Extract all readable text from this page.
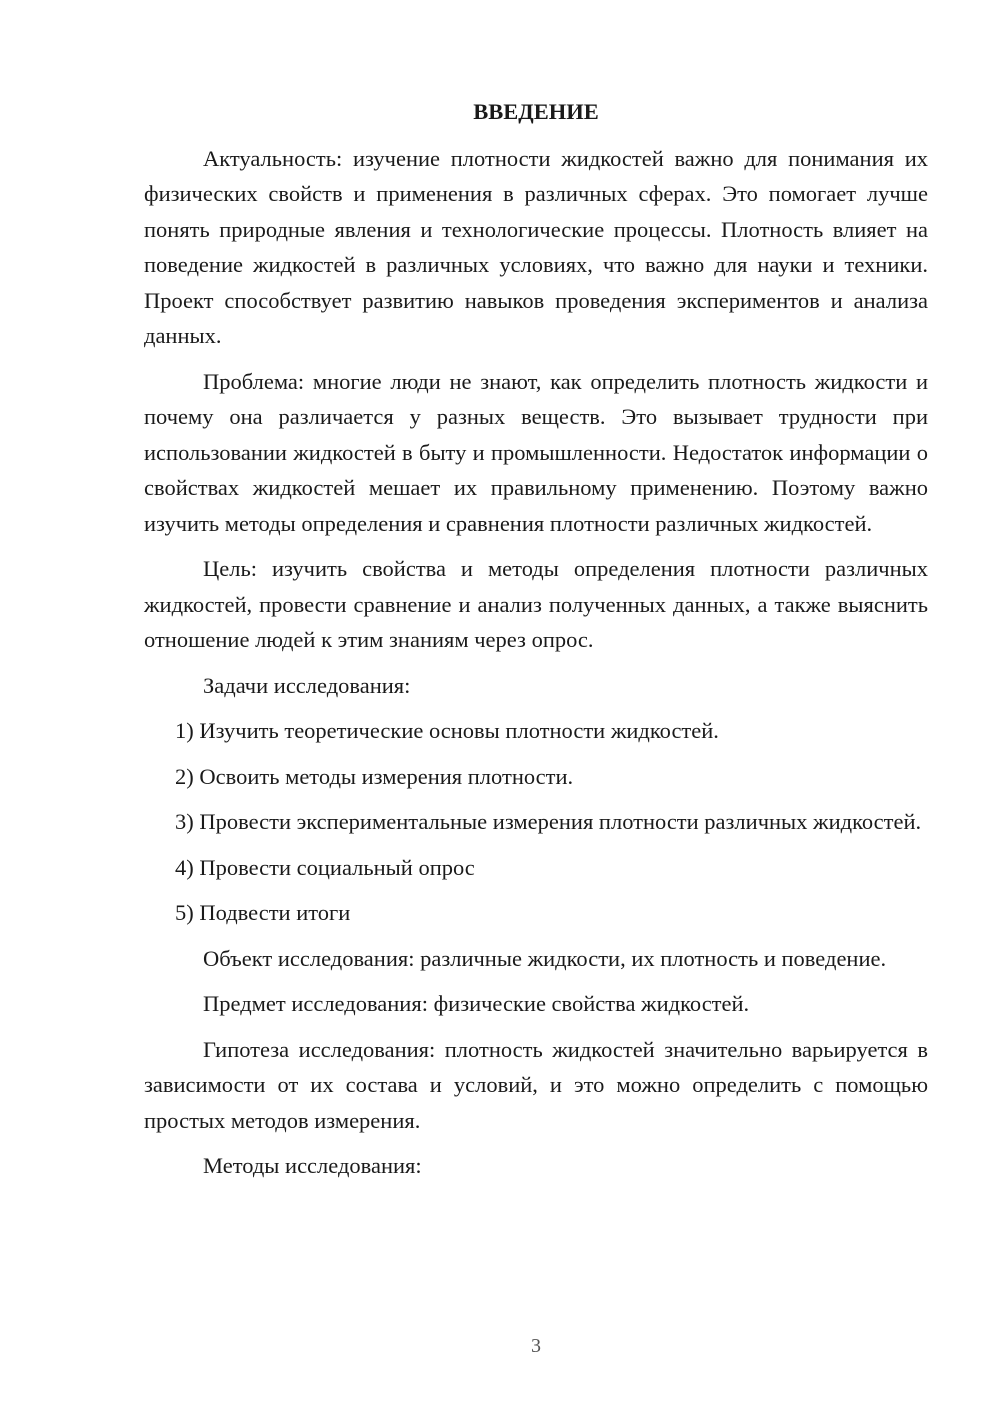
ВВЕДЕНИЕ

Актуальность: изучение плотности жидкостей важно для понимания их физических свойств и применения в различных сферах. Это помогает лучше понять природные явления и технологические процессы. Плотность влияет на поведение жидкостей в различных условиях, что важно для науки и техники. Проект способствует развитию навыков проведения экспериментов и анализа данных.

Проблема: многие люди не знают, как определить плотность жидкости и почему она различается у разных веществ. Это вызывает трудности при использовании жидкостей в быту и промышленности. Недостаток информации о свойствах жидкостей мешает их правильному применению. Поэтому важно изучить методы определения и сравнения плотности различных жидкостей.

Цель: изучить свойства и методы определения плотности различных жидкостей, провести сравнение и анализ полученных данных, а также выяснить отношение людей к этим знаниям через опрос.

Задачи исследования:

1) Изучить теоретические основы плотности жидкостей.

2) Освоить методы измерения плотности.

3) Провести экспериментальные измерения плотности различных жидкостей.

4) Провести социальный опрос

5) Подвести итоги

Объект исследования: различные жидкости, их плотность и поведение.

Предмет исследования: физические свойства жидкостей.

Гипотеза исследования: плотность жидкостей значительно варьируется в зависимости от их состава и условий, и это можно определить с помощью простых методов измерения.

Методы исследования:

3
